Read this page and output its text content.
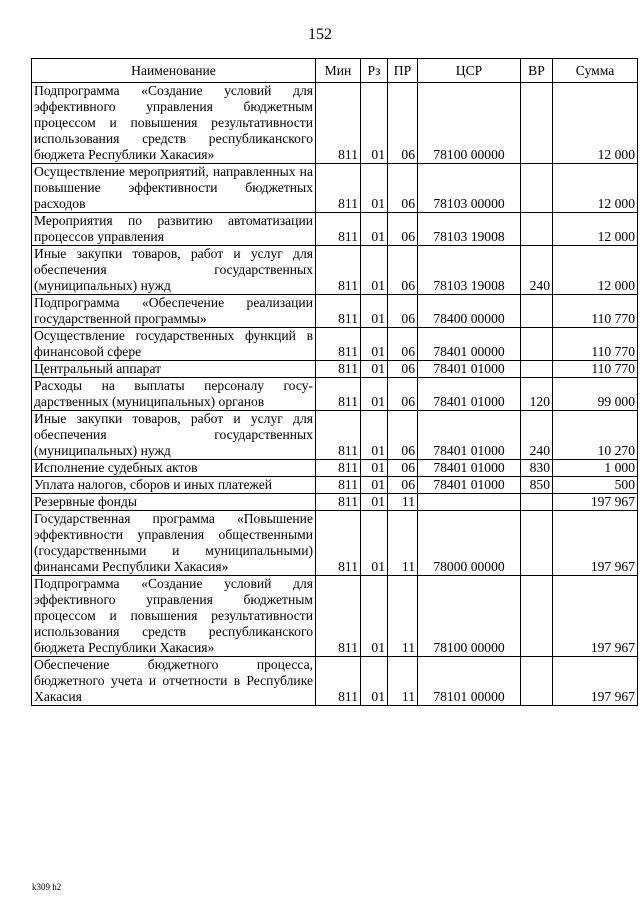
152
Наименование	Мин	Рз	ПР	ЦСР	ВР	Сумма
Подпрограмма «Создание условий для эффективного управления бюджетным процессом и повышения результативности использования средств республиканского бюджета Республики Хакасия»	811	01	06	78100 00000		12 000
Осуществление мероприятий, направленных на повышение эффективности бюджетных расходов	811	01	06	78103 00000		12 000
Мероприятия по развитию автоматизации процессов управления	811	01	06	78103 19008		12 000
Иные закупки товаров, работ и услуг для обеспечения государственных (муниципальных) нужд	811	01	06	78103 19008	240	12 000
Подпрограмма «Обеспечение реализации государственной программы»	811	01	06	78400 00000		110 770
Осуществление государственных функций в финансовой сфере	811	01	06	78401 00000		110 770
Центральный аппарат	811	01	06	78401 01000		110 770
Расходы на выплаты персоналу государственных (муниципальных) органов	811	01	06	78401 01000	120	99 000
Иные закупки товаров, работ и услуг для обеспечения государственных (муниципальных) нужд	811	01	06	78401 01000	240	10 270
Исполнение судебных актов	811	01	06	78401 01000	830	1 000
Уплата налогов, сборов и иных платежей	811	01	06	78401 01000	850	500
Резервные фонды	811	01	11			197 967
Государственная программа «Повышение эффективности управления общественными (государственными и муниципальными) финансами Республики Хакасия»	811	01	11	78000 00000		197 967
Подпрограмма «Создание условий для эффективного управления бюджетным процессом и повышения результативности использования средств республиканского бюджета Республики Хакасия»	811	01	11	78100 00000		197 967
Обеспечение бюджетного процесса, бюджетного учета и отчетности в Республике Хакасия	811	01	11	78101 00000		197 967
k309 h2
